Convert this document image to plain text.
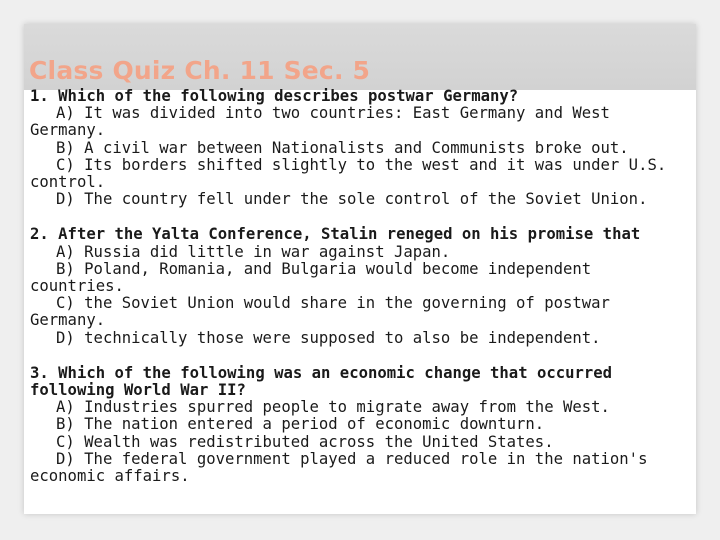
Class Quiz Ch. 11 Sec. 5
1. Which of the following describes postwar Germany?
A) It was divided into two countries: East Germany and West
Germany.
B) A civil war between Nationalists and Communists broke out.
C) Its borders shifted slightly to the west and it was under U.S.
control.
D) The country fell under the sole control of the Soviet Union.
2. After the Yalta Conference, Stalin reneged on his promise that
A) Russia did little in war against Japan.
B) Poland, Romania, and Bulgaria would become independent
countries.
C) the Soviet Union would share in the governing of postwar
Germany.
D) technically those were supposed to also be independent.
3. Which of the following was an economic change that occurred following World War II?
A) Industries spurred people to migrate away from the West.
B) The nation entered a period of economic downturn.
C) Wealth was redistributed across the United States.
D) The federal government played a reduced role in the nation's
economic affairs.
